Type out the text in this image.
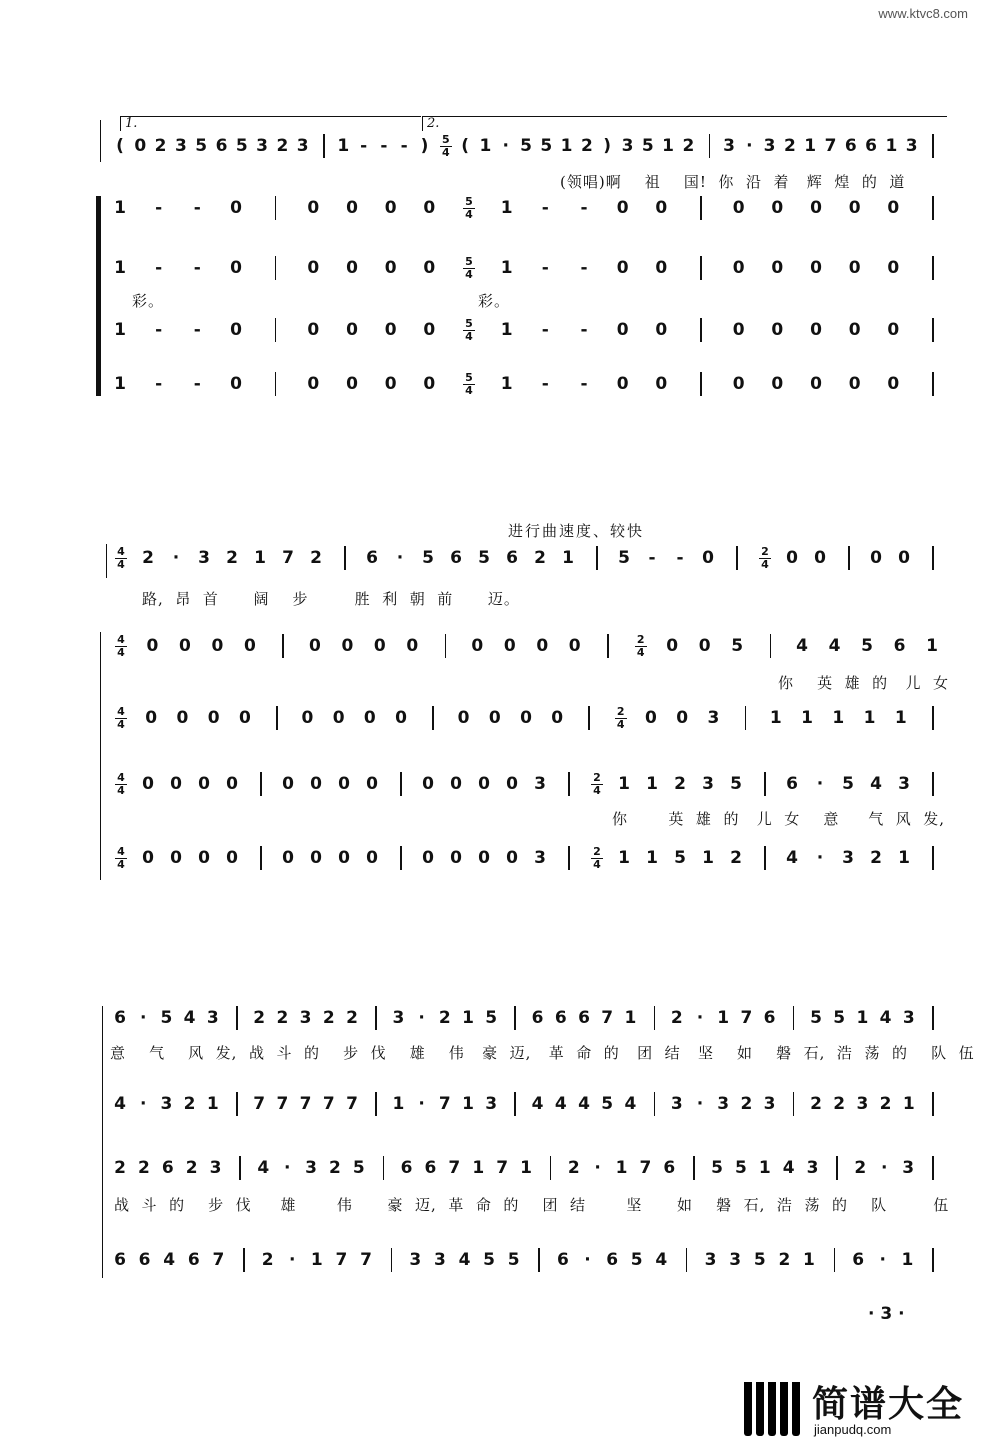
www.ktvc8.com
1.	2.
( 0 2 3 5 6 5 3 2 3 1 - - - )	5
4 ( 1 · 5 5 1 2 ) 3 5 1 2 3 · 3 2 1 7 6 6 1 3
1	-	-	0	0 0 0 0	5
4 1	-	-	0 0	0 0 0 0 0
1	-	-	0	0 0 0 0	5
4 1	-	-	0 0	0 0 0 0 0
1	-	-	0	0 0 0 0	5
4 1	-	-	0 0	0 0 0 0 0
1	-	-	0	0 0 0 0	5
4 1	-	-	0 0	0 0 0 0 0
(领唱)啊    祖    国!  你  沿  着   辉  煌  的  道
彩。	彩。
4
4 2	·	3 2 1 7 2	6	·	5 6 5 6 2 1	5	-	-	0	2
4 0 0	0 0
4
4 0 0 0 0	0 0 0 0	0 0 0 0	2
4 0 0 5	4 4 5 6 1
4
4 0 0 0 0	0 0 0 0	0 0 0 0	2
4 0 0 3	1 1 1 1 1
4
4 0 0 0 0	0 0 0 0	0 0 0 0 3	2
4 1 1 2 3 5	6	·	5 4 3
4
4 0 0 0 0	0 0 0 0	0 0 0 0 3	2
4 1 1 5 1 2	4	·	3 2 1
路,  昂  首      阔    步        胜  利  朝  前      迈。
你    英  雄  的   儿  女
你       英  雄  的   儿  女    意     气  风  发,
6 · 5 4 3 2 2 3 2 2 3 · 2 1 5 6 6 6 7 1 2 · 1 7 6 5 5 1 4 3
4 · 3 2 1 7 7 7 7 7 1 · 7 1 3 4 4 4 5 4 3 · 3 2 3 2 2 3 2 1
2 2 6 2 3 4 · 3 2 5 6 6 7 1 7 1 2 · 1 7 6 5 5 1 4 3 2 · 3
6 6 4 6 7 2 · 1 7 7 3 3 4 5 5 6 · 6 5 4 3 3 5 2 1 6 · 1
意    气    风  发,  战  斗  的    步  伐    雄    伟   豪  迈,   革  命  的   团  结   坚    如    磐  石,  浩  荡  的    队  伍
战  斗  的    步  伐     雄       伟      豪  迈,  革  命  的    团  结       坚      如    磐  石,  浩  荡  的    队        伍
进行曲速度、较快
· 3 ·
简谱大全
jianpudq.com
